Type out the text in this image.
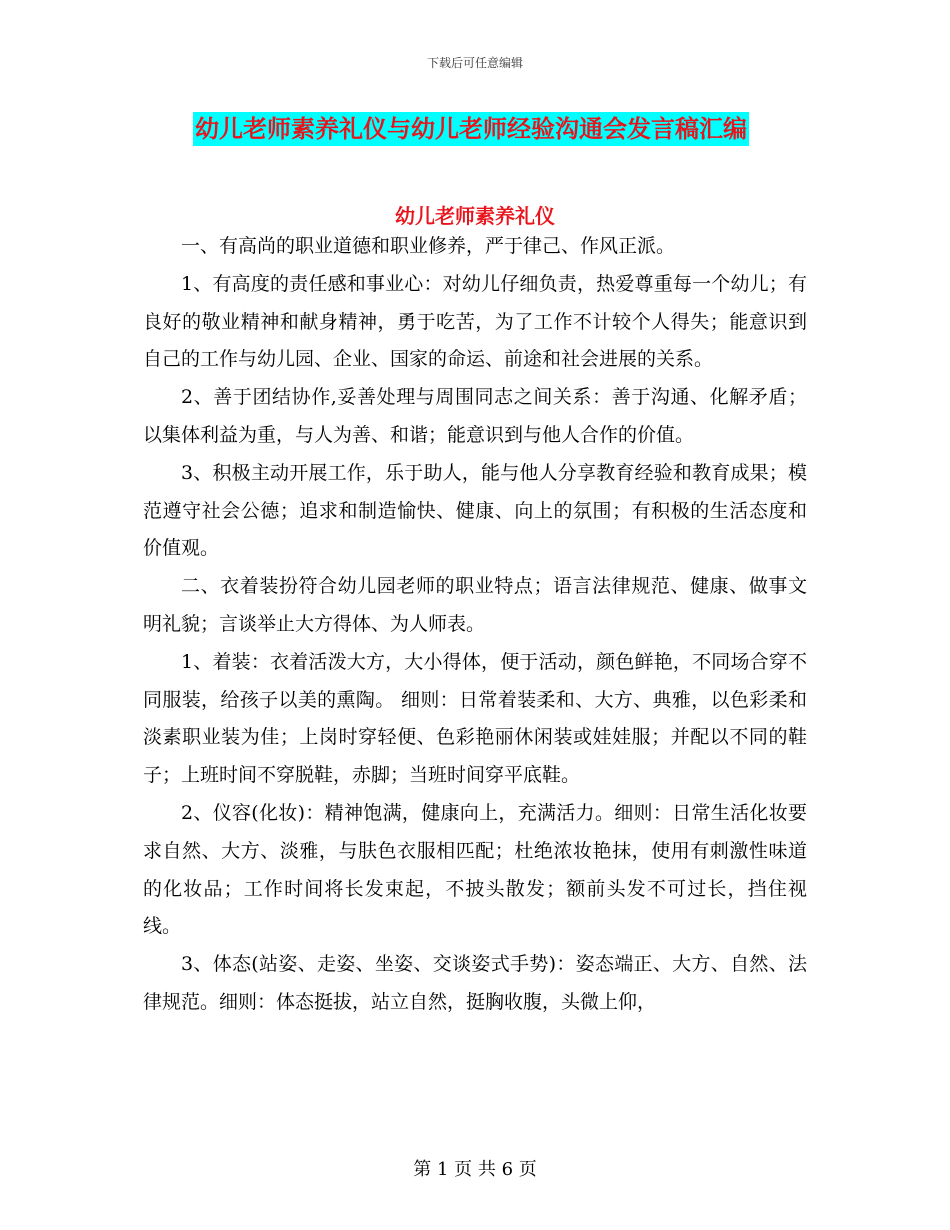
下载后可任意编辑
幼儿老师素养礼仪与幼儿老师经验沟通会发言稿汇编
幼儿老师素养礼仪

一、有高尚的职业道德和职业修养，严于律己、作风正派。

1、有高度的责任感和事业心：对幼儿仔细负责，热爱尊重每一个幼儿；有良好的敬业精神和献身精神，勇于吃苦，为了工作不计较个人得失；能意识到自己的工作与幼儿园、企业、国家的命运、前途和社会进展的关系。

2、善于团结协作,妥善处理与周围同志之间关系：善于沟通、化解矛盾；以集体利益为重，与人为善、和谐；能意识到与他人合作的价值。

3、积极主动开展工作，乐于助人，能与他人分享教育经验和教育成果；模范遵守社会公德；追求和制造愉快、健康、向上的氛围；有积极的生活态度和价值观。

二、衣着装扮符合幼儿园老师的职业特点；语言法律规范、健康、做事文明礼貌；言谈举止大方得体、为人师表。

1、着装：衣着活泼大方，大小得体，便于活动，颜色鲜艳，不同场合穿不同服装，给孩子以美的熏陶。 细则：日常着装柔和、大方、典雅，以色彩柔和淡素职业装为佳；上岗时穿轻便、色彩艳丽休闲装或娃娃服；并配以不同的鞋子；上班时间不穿脱鞋，赤脚；当班时间穿平底鞋。

2、仪容(化妆)：精神饱满，健康向上，充满活力。细则：日常生活化妆要求自然、大方、淡雅，与肤色衣服相匹配；杜绝浓妆艳抹，使用有刺激性味道的化妆品；工作时间将长发束起，不披头散发；额前头发不可过长，挡住视线。

3、体态(站姿、走姿、坐姿、交谈姿式手势)：姿态端正、大方、自然、法律规范。细则：体态挺拔，站立自然，挺胸收腹，头微上仰，

第 1 页 共 6 页
